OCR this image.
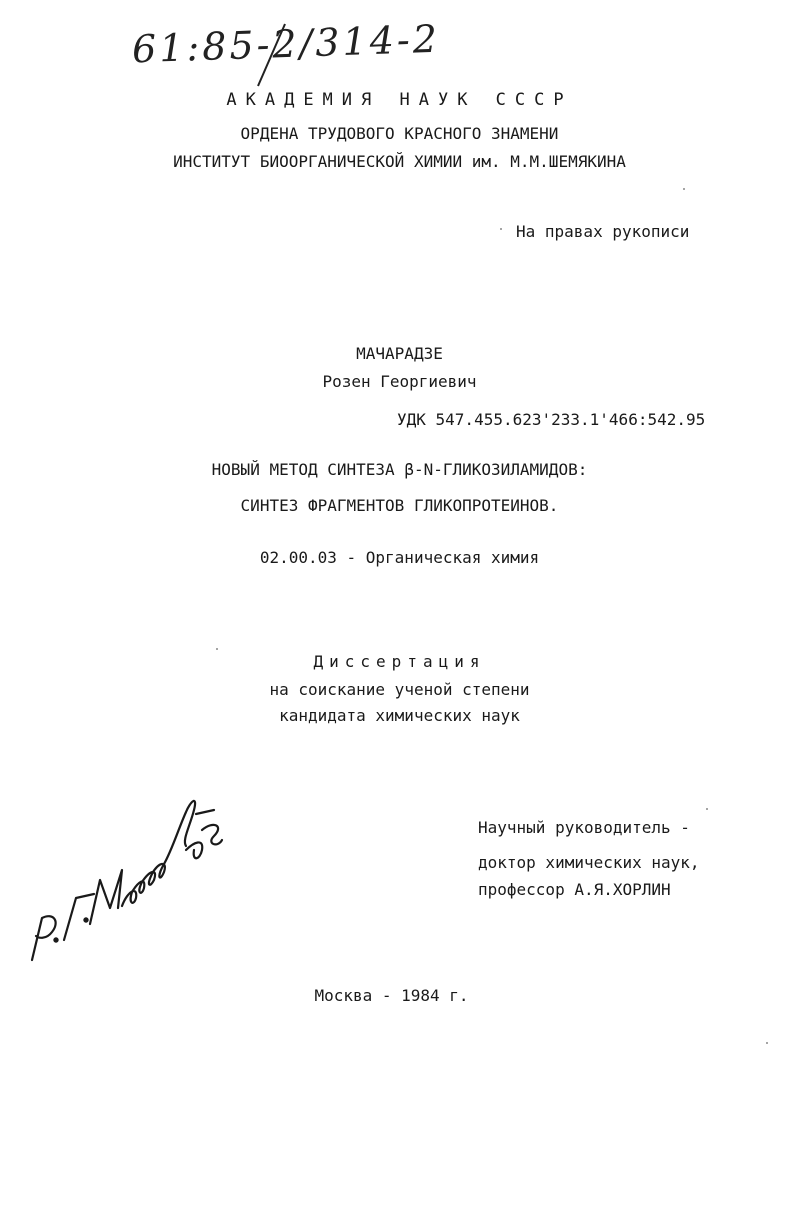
61:85-2/314-2
АКАДЕМИЯ НАУК СССР
ОРДЕНА ТРУДОВОГО КРАСНОГО ЗНАМЕНИ
ИНСТИТУТ БИООРГАНИЧЕСКОЙ ХИМИИ им. М.М.ШЕМЯКИНА
На правах рукописи
МАЧАРАДЗЕ
Розен Георгиевич
УДК 547.455.623'233.1'466:542.95
НОВЫЙ МЕТОД СИНТЕЗА β-N-ГЛИКОЗИЛАМИДОВ:
СИНТЕЗ ФРАГМЕНТОВ ГЛИКОПРОТЕИНОВ.
02.00.03 - Органическая химия
Диссертация
на соискание ученой степени
кандидата химических наук
Научный руководитель -
доктор химических наук,
профессор А.Я.ХОРЛИН
Москва - 1984 г.
